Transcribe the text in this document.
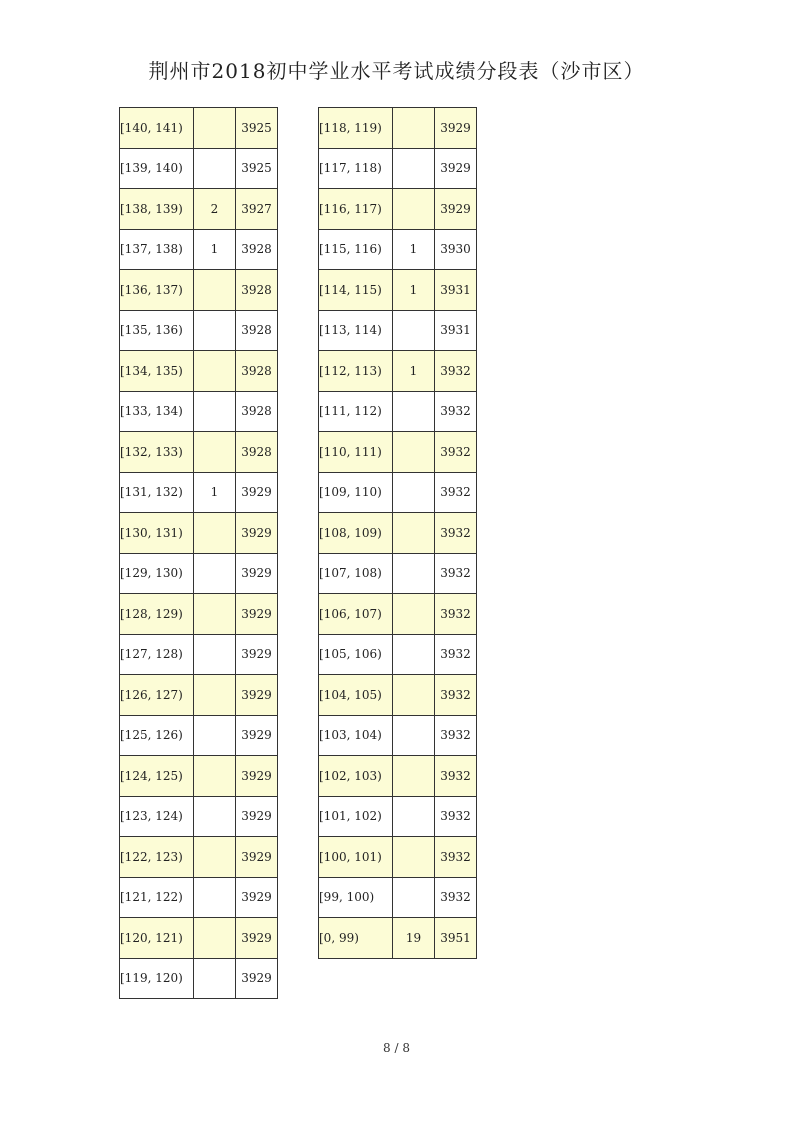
荆州市2018初中学业水平考试成绩分段表（沙市区）
[140, 141)		3925
[139, 140)		3925
[138, 139)	2	3927
[137, 138)	1	3928
[136, 137)		3928
[135, 136)		3928
[134, 135)		3928
[133, 134)		3928
[132, 133)		3928
[131, 132)	1	3929
[130, 131)		3929
[129, 130)		3929
[128, 129)		3929
[127, 128)		3929
[126, 127)		3929
[125, 126)		3929
[124, 125)		3929
[123, 124)		3929
[122, 123)		3929
[121, 122)		3929
[120, 121)		3929
[119, 120)		3929
[118, 119)		3929
[117, 118)		3929
[116, 117)		3929
[115, 116)	1	3930
[114, 115)	1	3931
[113, 114)		3931
[112, 113)	1	3932
[111, 112)		3932
[110, 111)		3932
[109, 110)		3932
[108, 109)		3932
[107, 108)		3932
[106, 107)		3932
[105, 106)		3932
[104, 105)		3932
[103, 104)		3932
[102, 103)		3932
[101, 102)		3932
[100, 101)		3932
[99, 100)		3932
[0, 99)	19	3951
8 / 8
